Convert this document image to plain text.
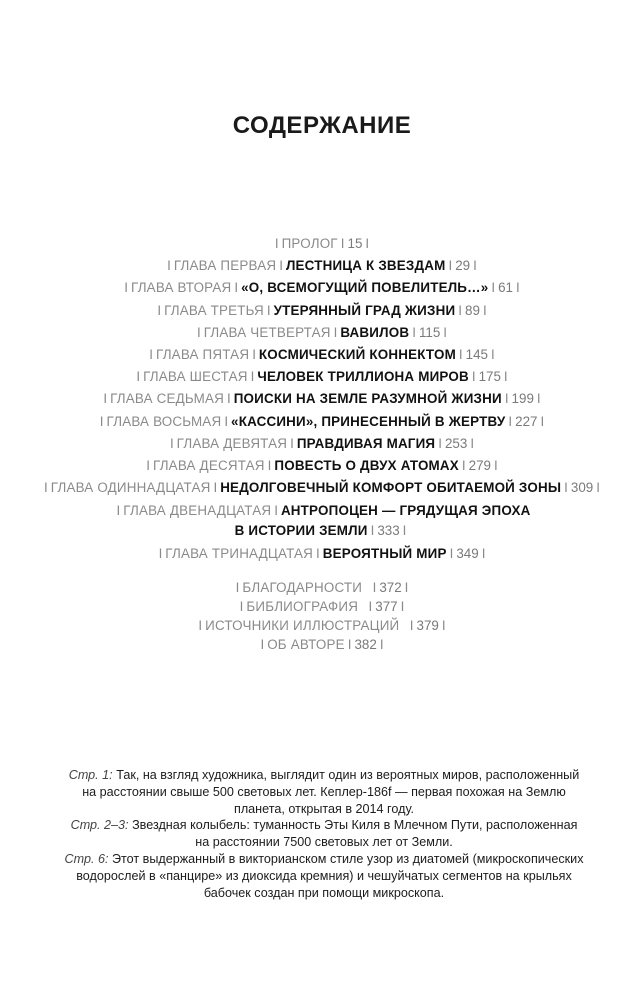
СОДЕРЖАНИЕ
I ПРОЛОГ I 15 I
I ГЛАВА ПЕРВАЯ I ЛЕСТНИЦА К ЗВЕЗДАМ I 29 I
I ГЛАВА ВТОРАЯ I «О, ВСЕМОГУЩИЙ ПОВЕЛИТЕЛЬ…» I 61 I
I ГЛАВА ТРЕТЬЯ I УТЕРЯННЫЙ ГРАД ЖИЗНИ I 89 I
I ГЛАВА ЧЕТВЕРТАЯ I ВАВИЛОВ I 115 I
I ГЛАВА ПЯТАЯ I КОСМИЧЕСКИЙ КОННЕКТОМ I 145 I
I ГЛАВА ШЕСТАЯ I ЧЕЛОВЕК ТРИЛЛИОНА МИРОВ I 175 I
I ГЛАВА СЕДЬМАЯ I ПОИСКИ НА ЗЕМЛЕ РАЗУМНОЙ ЖИЗНИ I 199 I
I ГЛАВА ВОСЬМАЯ I «КАССИНИ», ПРИНЕСЕННЫЙ В ЖЕРТВУ I 227 I
I ГЛАВА ДЕВЯТАЯ I ПРАВДИВАЯ МАГИЯ I 253 I
I ГЛАВА ДЕСЯТАЯ I ПОВЕСТЬ О ДВУХ АТОМАХ I 279 I
I ГЛАВА ОДИННАДЦАТАЯ I НЕДОЛГОВЕЧНЫЙ КОМФОРТ ОБИТАЕМОЙ ЗОНЫ I 309 I
I ГЛАВА ДВЕНАДЦАТАЯ I АНТРОПОЦЕН — ГРЯДУЩАЯ ЭПОХА
В ИСТОРИИ ЗЕМЛИ I 333 I
I ГЛАВА ТРИНАДЦАТАЯ I ВЕРОЯТНЫЙ МИР I 349 I
I БЛАГОДАРНОСТИ I 372 I
I БИБЛИОГРАФИЯ I 377 I
I ИСТОЧНИКИ ИЛЛЮСТРАЦИЙ I 379 I
I ОБ АВТОРЕ I 382 I
Стр. 1: Так, на взгляд художника, выглядит один из вероятных миров, расположенный на расстоянии свыше 500 световых лет. Кеплер-186f — первая похожая на Землю планета, открытая в 2014 году.
Стр. 2–3: Звездная колыбель: туманность Эты Киля в Млечном Пути, расположенная на расстоянии 7500 световых лет от Земли.
Стр. 6: Этот выдержанный в викторианском стиле узор из диатомей (микроскопических водорослей в «панцире» из диоксида кремния) и чешуйчатых сегментов на крыльях бабочек создан при помощи микроскопа.
